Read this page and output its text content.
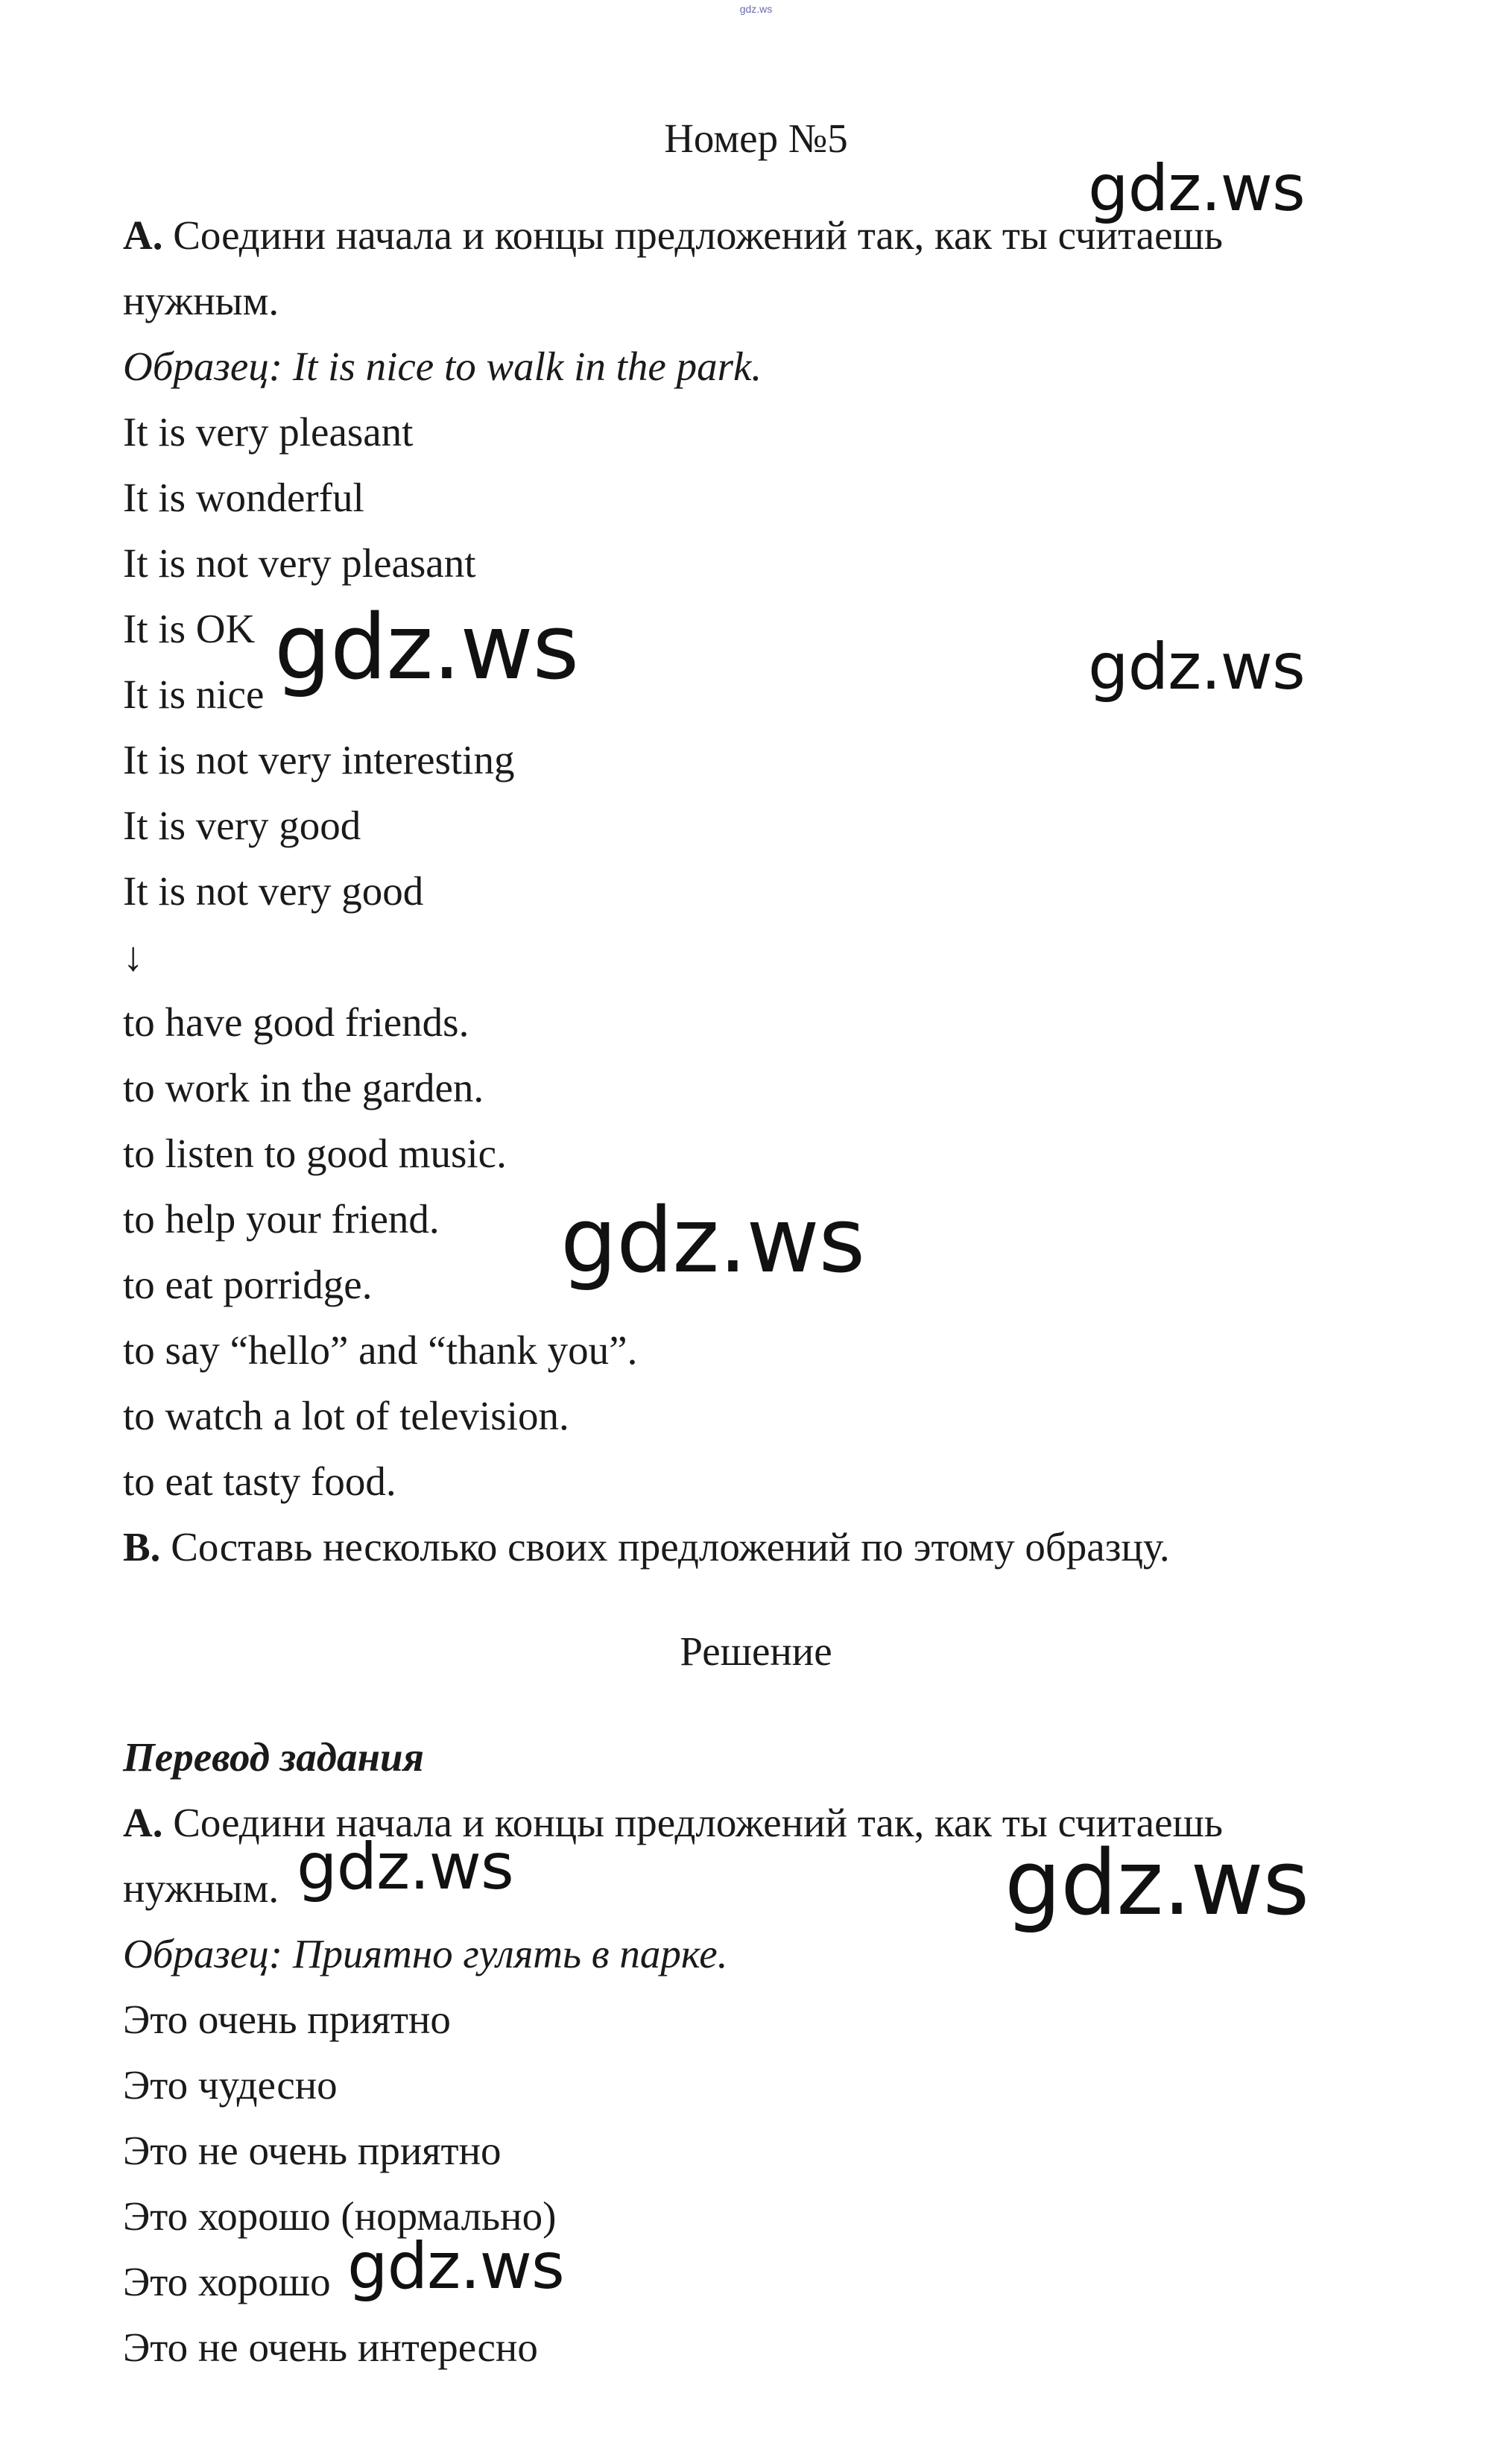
gdz.ws
Номер №5
A. Соедини начала и концы предложений так, как ты считаешь
нужным.
Образец: It is nice to walk in the park.
It is very pleasant
It is wonderful
It is not very pleasant
It is OK
It is nice
It is not very interesting
It is very good
It is not very good
↓
to have good friends.
to work in the garden.
to listen to good music.
to help your friend.
to eat porridge.
to say “hello” and “thank you”.
to watch a lot of television.
to eat tasty food.
B. Составь несколько своих предложений по этому образцу.
Решение
Перевод задания
А. Соедини начала и концы предложений так, как ты считаешь
нужным.
Образец: Приятно гулять в парке.
Это очень приятно
Это чудесно
Это не очень приятно
Это хорошо (нормально)
Это хорошо
Это не очень интересно
gdz.ws
gdz.ws	gdz.ws
gdz.ws
gdz.ws	gdz.ws
gdz.ws
